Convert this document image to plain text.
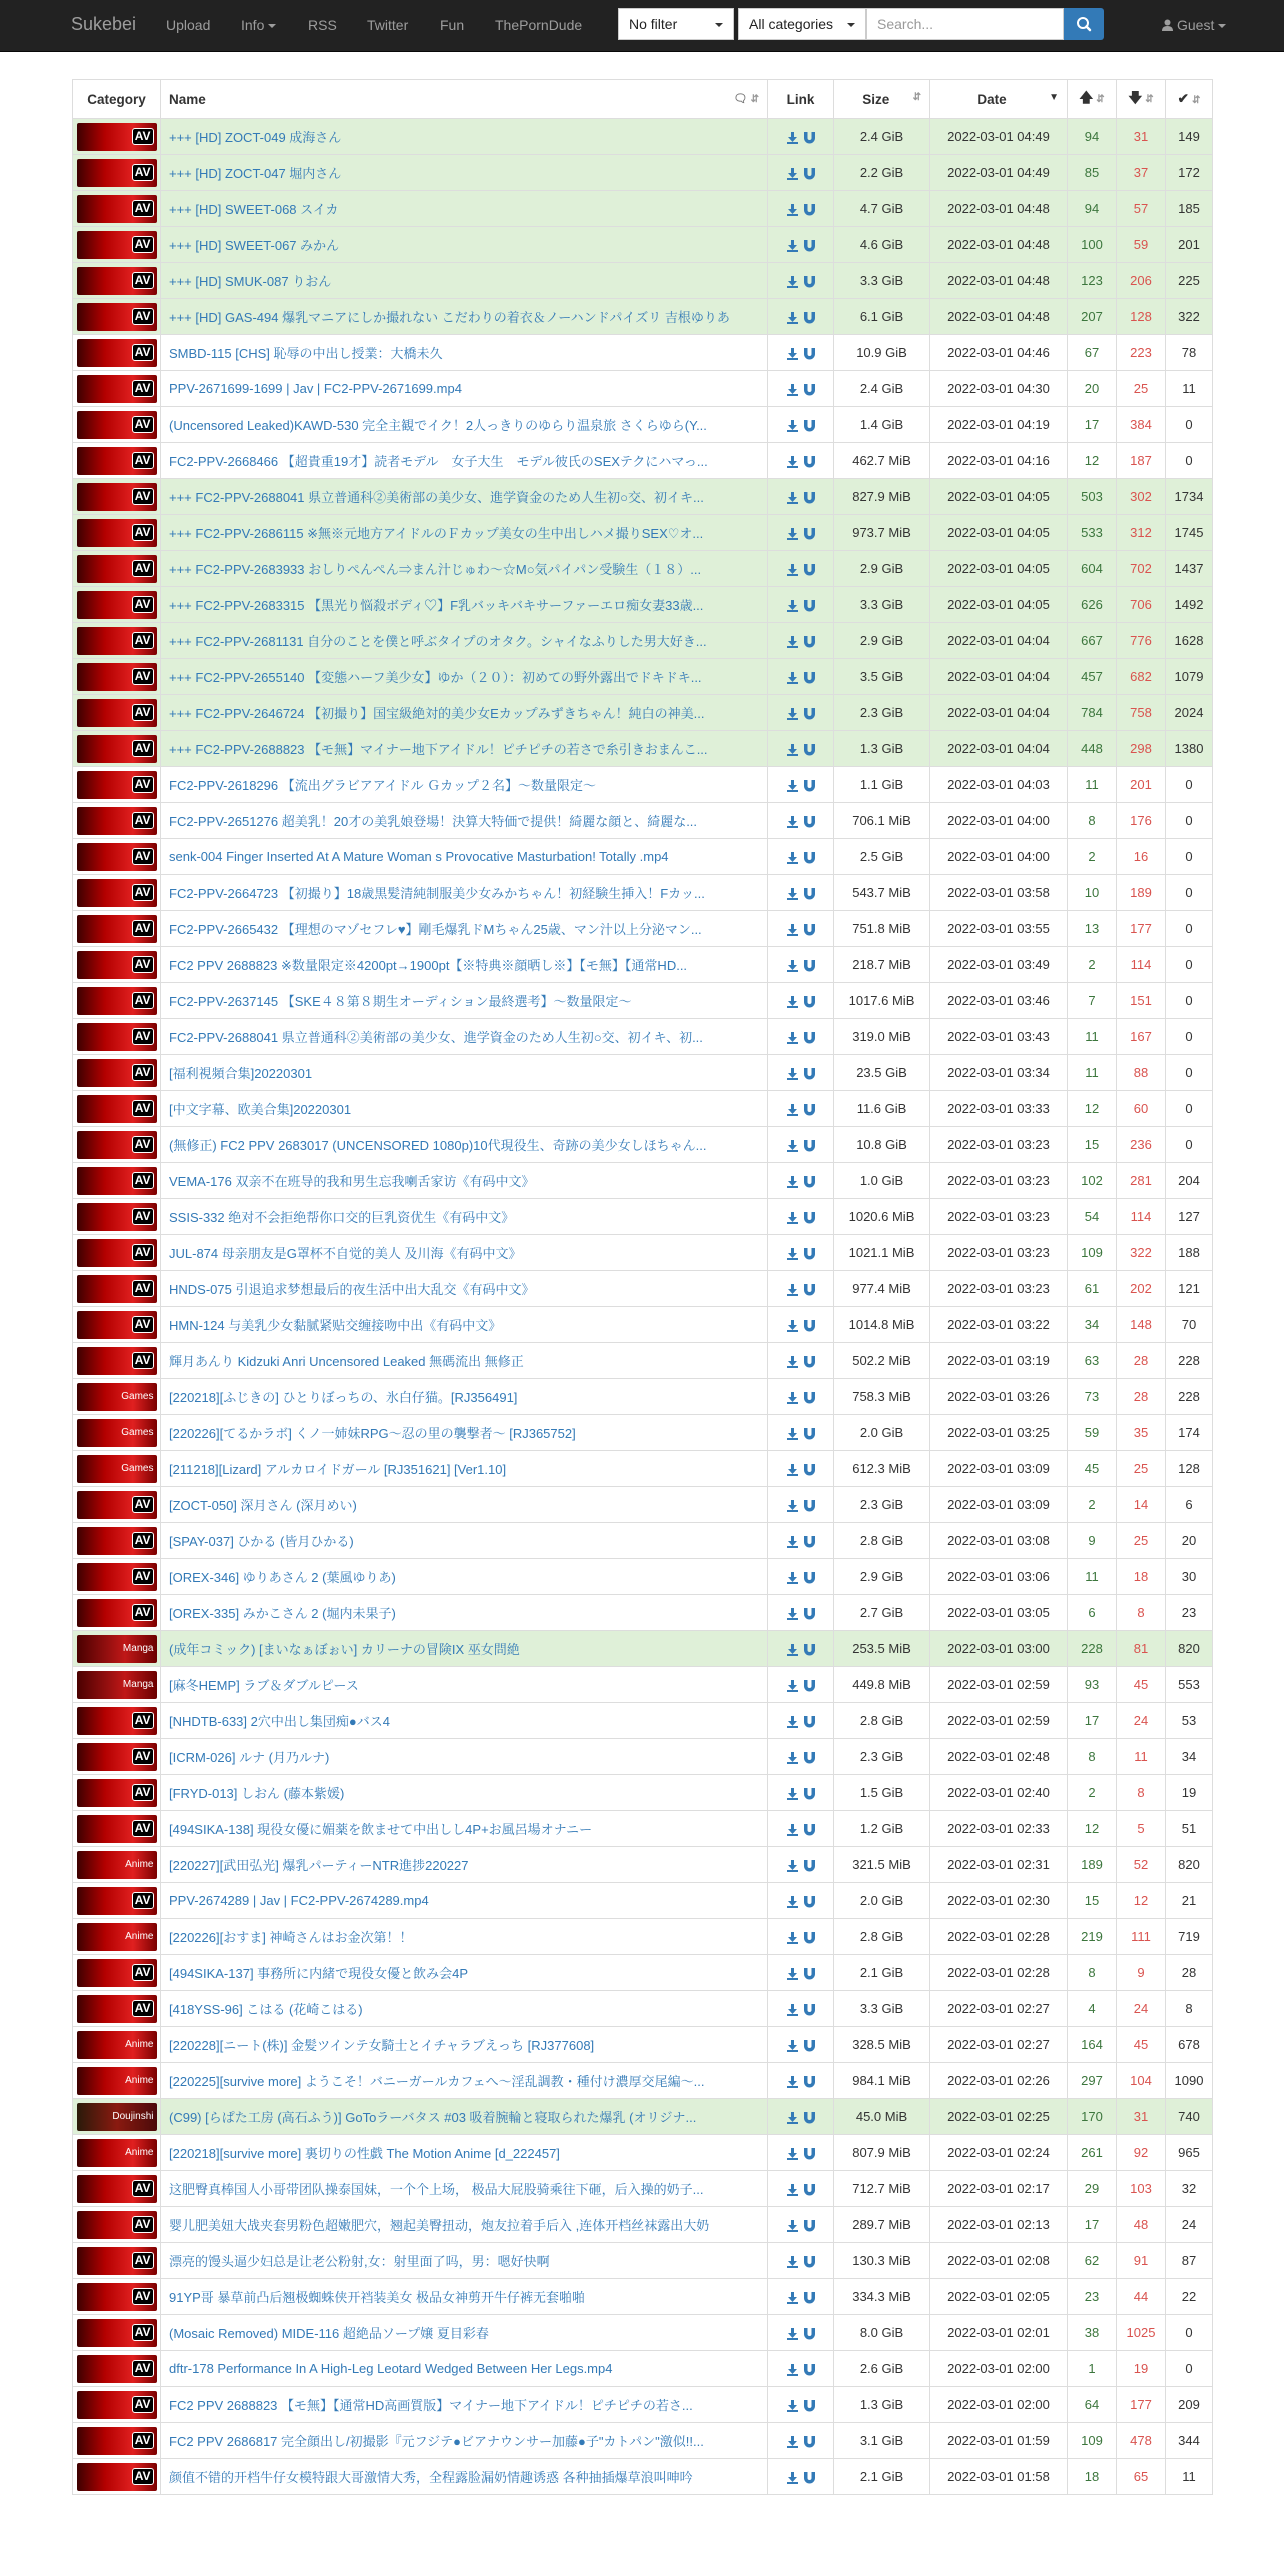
Sukebei Upload Info	RSS Twitter Fun ThePornDude	No filter	All categories	Search...	Guest
Category	Name 🗨 ⇵	Link	Size ⇵	Date ▼	🡅 ⇵	🡇 ⇵	✔ ⇵

AV	+++ [HD] ZOCT-049 成海さん		2.4 GiB	2022-03-01 04:49	94	31	149

AV	+++ [HD] ZOCT-047 堀内さん		2.2 GiB	2022-03-01 04:49	85	37	172

AV	+++ [HD] SWEET-068 スイカ		4.7 GiB	2022-03-01 04:48	94	57	185

AV	+++ [HD] SWEET-067 みかん		4.6 GiB	2022-03-01 04:48	100	59	201

AV	+++ [HD] SMUK-087 りおん		3.3 GiB	2022-03-01 04:48	123	206	225

AV	+++ [HD] GAS-494 爆乳マニアにしか撮れない こだわりの着衣＆ノーハンドパイズリ 吉根ゆりあ		6.1 GiB	2022-03-01 04:48	207	128	322

AV	SMBD-115 [CHS] 恥辱の中出し授業：大橋未久		10.9 GiB	2022-03-01 04:46	67	223	78

AV	PPV-2671699-1699 | Jav | FC2-PPV-2671699.mp4		2.4 GiB	2022-03-01 04:30	20	25	11

AV	(Uncensored Leaked)KAWD-530 完全主観でイク！2人っきりのゆらり温泉旅 さくらゆら(Y...		1.4 GiB	2022-03-01 04:19	17	384	0

AV	FC2-PPV-2668466 【超貴重19才】読者モデル　女子大生　モデル彼氏のSEXテクにハマっ...		462.7 MiB	2022-03-01 04:16	12	187	0

AV	+++ FC2-PPV-2688041 県立普通科②美術部の美少女、進学資金のため人生初○交、初イキ...		827.9 MiB	2022-03-01 04:05	503	302	1734

AV	+++ FC2-PPV-2686115 ※無※元地方アイドルのＦカップ美女の生中出しハメ撮りSEX♡オ...		973.7 MiB	2022-03-01 04:05	533	312	1745

AV	+++ FC2-PPV-2683933 おしりぺんぺん⇒まん汁じゅわ～☆M○気パイパン受験生（１８）...		2.9 GiB	2022-03-01 04:05	604	702	1437

AV	+++ FC2-PPV-2683315 【黒光り悩殺ボディ♡】F乳バッキバキサーファーエロ痴女妻33歳...		3.3 GiB	2022-03-01 04:05	626	706	1492

AV	+++ FC2-PPV-2681131 自分のことを僕と呼ぶタイプのオタク。シャイなふりした男大好き...		2.9 GiB	2022-03-01 04:04	667	776	1628

AV	+++ FC2-PPV-2655140 【変態ハーフ美少女】ゆか（２０）：初めての野外露出でドキドキ...		3.5 GiB	2022-03-01 04:04	457	682	1079

AV	+++ FC2-PPV-2646724 【初撮り】国宝級絶対的美少女Eカップみずきちゃん！純白の神美...		2.3 GiB	2022-03-01 04:04	784	758	2024

AV	+++ FC2-PPV-2688823 【モ無】マイナー地下アイドル！ピチピチの若さで糸引きおまんこ...		1.3 GiB	2022-03-01 04:04	448	298	1380

AV	FC2-PPV-2618296 【流出グラビアアイドル Ｇカップ２名】～数量限定～		1.1 GiB	2022-03-01 04:03	11	201	0

AV	FC2-PPV-2651276 超美乳！20才の美乳娘登場！決算大特価で提供！綺麗な顔と、綺麗な...		706.1 MiB	2022-03-01 04:00	8	176	0

AV	senk-004 Finger Inserted At A Mature Woman s Provocative Masturbation! Totally .mp4		2.5 GiB	2022-03-01 04:00	2	16	0

AV	FC2-PPV-2664723 【初撮り】18歳黒髪清純制服美少女みかちゃん！初経験生挿入！Fカッ...		543.7 MiB	2022-03-01 03:58	10	189	0

AV	FC2-PPV-2665432 【理想のマゾセフレ♥】剛毛爆乳ドMちゃん25歳、マン汁以上分泌マン...		751.8 MiB	2022-03-01 03:55	13	177	0

AV	FC2 PPV 2688823 ※数量限定※4200pt→1900pt【※特典※顔晒し※】【モ無】【通常HD...		218.7 MiB	2022-03-01 03:49	2	114	0

AV	FC2-PPV-2637145 【SKE４８第８期生オーディション最終選考】～数量限定～		1017.6 MiB	2022-03-01 03:46	7	151	0

AV	FC2-PPV-2688041 県立普通科②美術部の美少女、進学資金のため人生初○交、初イキ、初...		319.0 MiB	2022-03-01 03:43	11	167	0

AV	[福利視頻合集]20220301		23.5 GiB	2022-03-01 03:34	11	88	0

AV	[中文字幕、欧美合集]20220301		11.6 GiB	2022-03-01 03:33	12	60	0

AV	(無修正) FC2 PPV 2683017 (UNCENSORED 1080p)10代現役生、奇跡の美少女しほちゃん...		10.8 GiB	2022-03-01 03:23	15	236	0

AV	VEMA-176 双亲不在班导的我和男生忘我喇舌家访《有码中文》		1.0 GiB	2022-03-01 03:23	102	281	204

AV	SSIS-332 绝对不会拒绝帮你口交的巨乳资优生《有码中文》		1020.6 MiB	2022-03-01 03:23	54	114	127

AV	JUL-874 母亲朋友是G罩杯不自觉的美人 及川海《有码中文》		1021.1 MiB	2022-03-01 03:23	109	322	188

AV	HNDS-075 引退追求梦想最后的夜生活中出大乱交《有码中文》		977.4 MiB	2022-03-01 03:23	61	202	121

AV	HMN-124 与美乳少女黏腻紧贴交缠接吻中出《有码中文》		1014.8 MiB	2022-03-01 03:22	34	148	70

AV	輝月あんり Kidzuki Anri Uncensored Leaked 無碼流出 無修正		502.2 MiB	2022-03-01 03:19	63	28	228

Games	[220218][ふじきの] ひとりぼっちの、氷白仔猫。[RJ356491]		758.3 MiB	2022-03-01 03:26	73	28	228

Games	[220226][てるかラボ] くノ一姉妹RPG～忍の里の襲撃者～ [RJ365752]		2.0 GiB	2022-03-01 03:25	59	35	174

Games	[211218][Lizard] アルカロイドガール [RJ351621] [Ver1.10]		612.3 MiB	2022-03-01 03:09	45	25	128

AV	[ZOCT-050] 深月さん (深月めい)		2.3 GiB	2022-03-01 03:09	2	14	6

AV	[SPAY-037] ひかる (皆月ひかる)		2.8 GiB	2022-03-01 03:08	9	25	20

AV	[OREX-346] ゆりあさん 2 (葉風ゆりあ)		2.9 GiB	2022-03-01 03:06	11	18	30

AV	[OREX-335] みかこさん 2 (堀内未果子)		2.7 GiB	2022-03-01 03:05	6	8	23

Manga	(成年コミック) [まいなぁぼぉい] カリーナの冒険IX 巫女問絶		253.5 MiB	2022-03-01 03:00	228	81	820

Manga	[麻冬HEMP] ラブ＆ダブルピース		449.8 MiB	2022-03-01 02:59	93	45	553

AV	[NHDTB-633] 2穴中出し集団痴●バス4		2.8 GiB	2022-03-01 02:59	17	24	53

AV	[ICRM-026] ルナ (月乃ルナ)		2.3 GiB	2022-03-01 02:48	8	11	34

AV	[FRYD-013] しおん (藤本紫媛)		1.5 GiB	2022-03-01 02:40	2	8	19

AV	[494SIKA-138] 現役女優に媚薬を飲ませて中出しし4P+お風呂場オナニー		1.2 GiB	2022-03-01 02:33	12	5	51

Anime	[220227][武田弘光] 爆乳パーティーNTR進捗220227		321.5 MiB	2022-03-01 02:31	189	52	820

AV	PPV-2674289 | Jav | FC2-PPV-2674289.mp4		2.0 GiB	2022-03-01 02:30	15	12	21

Anime	[220226][おすま] 神崎さんはお金次第！！		2.8 GiB	2022-03-01 02:28	219	111	719

AV	[494SIKA-137] 事務所に内緒で現役女優と飲み会4P		2.1 GiB	2022-03-01 02:28	8	9	28

AV	[418YSS-96] こはる (花崎こはる)		3.3 GiB	2022-03-01 02:27	4	24	8

Anime	[220228][ニート(株)] 金髪ツインテ女騎士とイチャラブえっち [RJ377608]		328.5 MiB	2022-03-01 02:27	164	45	678

Anime	[220225][survive more] ようこそ！バニーガールカフェへ～淫乱調教・種付け濃厚交尾編～...		984.1 MiB	2022-03-01 02:26	297	104	1090

Doujinshi	(C99) [らぱた工房 (高石ふう)] GoToラーバタス #03 吸着腕輪と寝取られた爆乳 (オリジナ...		45.0 MiB	2022-03-01 02:25	170	31	740

Anime	[220218][survive more] 裏切りの性戯 The Motion Anime [d_222457]		807.9 MiB	2022-03-01 02:24	261	92	965

AV	这肥臀真棒国人小哥带团队操泰国妹，一个个上场， 极品大屁股骑乘往下砸，后入操的奶子...		712.7 MiB	2022-03-01 02:17	29	103	32

AV	婴儿肥美妞大战夹套男粉色超嫩肥穴，翘起美臀扭动，炮友拉着手后入 ,连体开档丝袜露出大奶		289.7 MiB	2022-03-01 02:13	17	48	24

AV	漂亮的馒头逼少妇总是让老公粉射,女：射里面了吗，男：嗯好快啊		130.3 MiB	2022-03-01 02:08	62	91	87

AV	91YP哥 暴草前凸后翘极蜘蛛侠开裆装美女 极品女神剪开牛仔裤无套啪啪		334.3 MiB	2022-03-01 02:05	23	44	22

AV	(Mosaic Removed) MIDE-116 超絶品ソープ嬢 夏目彩春		8.0 GiB	2022-03-01 02:01	38	1025	0

AV	dftr-178 Performance In A High-Leg Leotard Wedged Between Her Legs.mp4		2.6 GiB	2022-03-01 02:00	1	19	0

AV	FC2 PPV 2688823 【モ無】【通常HD高画質版】マイナー地下アイドル！ピチピチの若さ...		1.3 GiB	2022-03-01 02:00	64	177	209

AV	FC2 PPV 2686817 完全顔出し/初撮影『元フジテ●ビアナウンサー加藤●子"カトパン"激似!!...		3.1 GiB	2022-03-01 01:59	109	478	344

AV	颜值不错的开档牛仔女模特跟大哥激情大秀，全程露脸漏奶情趣诱惑 各种抽插爆草浪叫呻吟		2.1 GiB	2022-03-01 01:58	18	65	11
